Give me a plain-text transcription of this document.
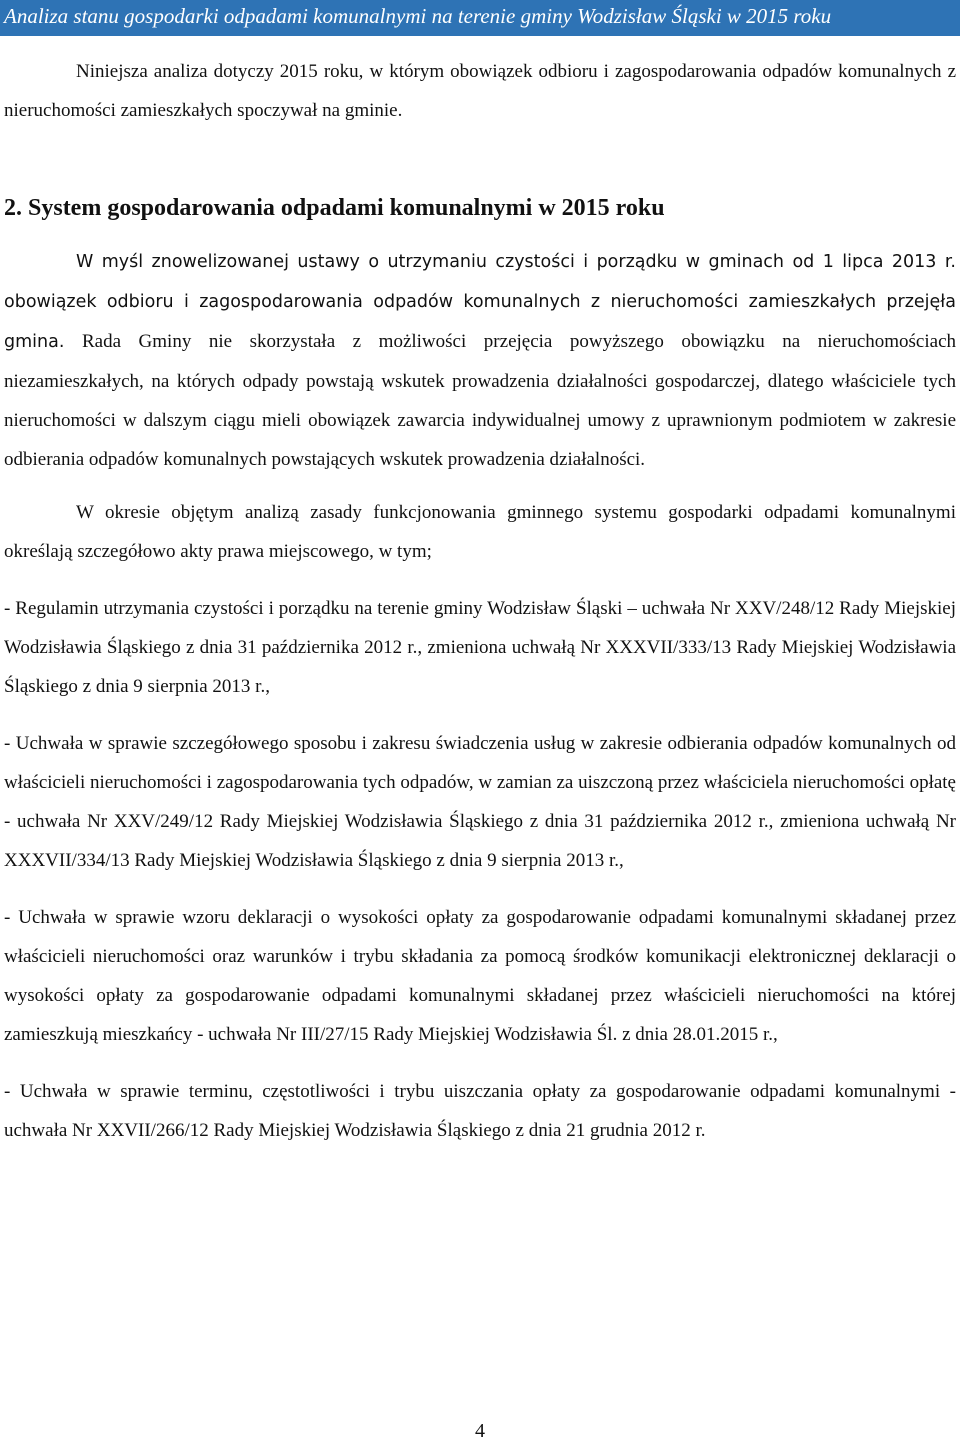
Analiza stanu gospodarki odpadami komunalnymi na terenie gminy Wodzisław Śląski w 2015 roku

Niniejsza analiza dotyczy 2015 roku, w którym obowiązek odbioru i zagospodarowania odpadów komunalnych z nieruchomości zamieszkałych spoczywał na gminie.

2. System gospodarowania odpadami komunalnymi w 2015 roku

W myśl znowelizowanej ustawy o utrzymaniu czystości i porządku w gminach od 1 lipca 2013 r. obowiązek odbioru i zagospodarowania odpadów komunalnych z nieruchomości zamieszkałych przejęła gmina. Rada Gminy nie skorzystała z możliwości przejęcia powyższego obowiązku na nieruchomościach niezamieszkałych, na których odpady powstają wskutek prowadzenia działalności gospodarczej, dlatego właściciele tych nieruchomości w dalszym ciągu mieli obowiązek zawarcia indywidualnej umowy z uprawnionym podmiotem w zakresie odbierania odpadów komunalnych powstających wskutek prowadzenia działalności.

W okresie objętym analizą zasady funkcjonowania gminnego systemu gospodarki odpadami komunalnymi określają szczegółowo akty prawa miejscowego, w tym;

- Regulamin utrzymania czystości i porządku na terenie gminy Wodzisław Śląski – uchwała Nr XXV/248/12 Rady Miejskiej Wodzisławia Śląskiego z dnia 31 października 2012 r., zmieniona uchwałą Nr XXXVII/333/13 Rady Miejskiej Wodzisławia Śląskiego z dnia 9 sierpnia 2013 r.,

- Uchwała w sprawie szczegółowego sposobu i zakresu świadczenia usług w zakresie odbierania odpadów komunalnych od właścicieli nieruchomości i zagospodarowania tych odpadów, w zamian za uiszczoną przez właściciela nieruchomości opłatę - uchwała Nr XXV/249/12 Rady Miejskiej Wodzisławia Śląskiego z dnia 31 października 2012 r., zmieniona uchwałą Nr XXXVII/334/13 Rady Miejskiej Wodzisławia Śląskiego z dnia 9 sierpnia 2013 r.,

- Uchwała w sprawie wzoru deklaracji o wysokości opłaty za gospodarowanie odpadami komunalnymi składanej przez właścicieli nieruchomości oraz warunków i trybu składania za pomocą środków komunikacji elektronicznej deklaracji o wysokości opłaty za gospodarowanie odpadami komunalnymi składanej przez właścicieli nieruchomości na której zamieszkują mieszkańcy - uchwała Nr III/27/15 Rady Miejskiej Wodzisławia Śl. z dnia 28.01.2015 r.,

- Uchwała w sprawie terminu, częstotliwości i trybu uiszczania opłaty za gospodarowanie odpadami komunalnymi - uchwała Nr XXVII/266/12 Rady Miejskiej Wodzisławia Śląskiego z dnia 21 grudnia 2012 r.

4
